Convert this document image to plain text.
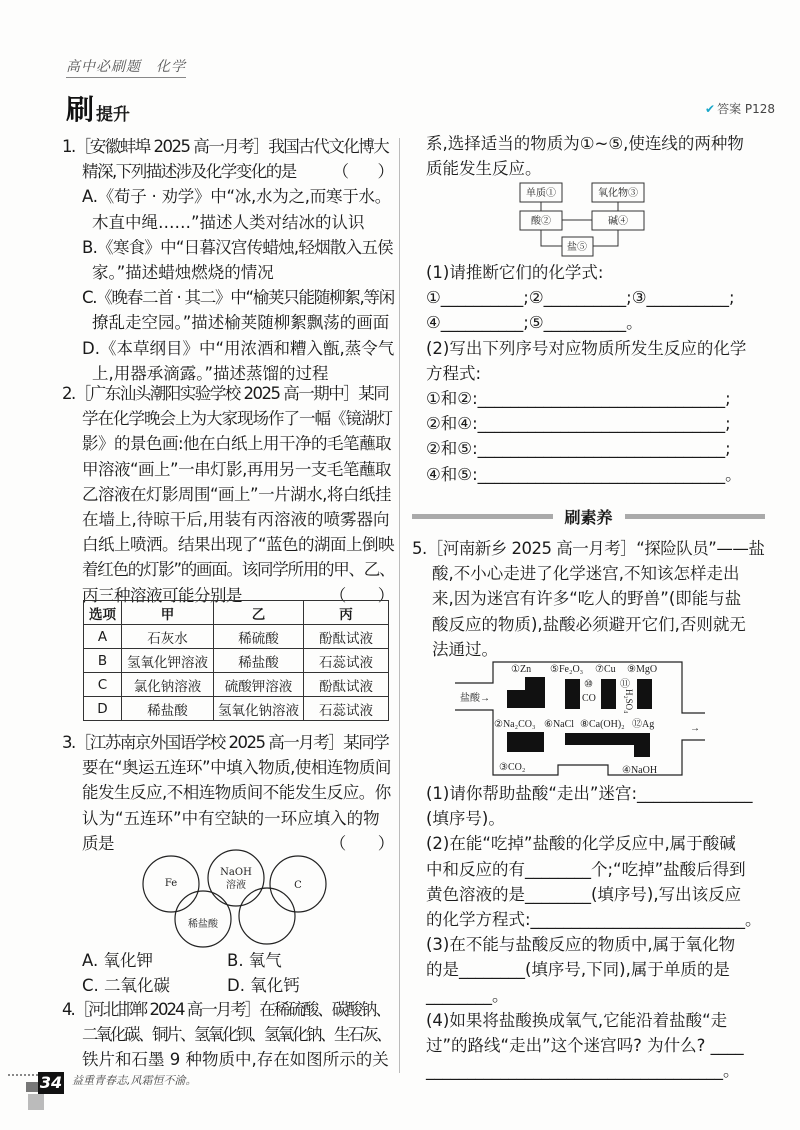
高中必刷题　化学
刷 提升	✔ 答案 P128
1.［安徽蚌埠 2025 高一月考］我国古代文化博大
精深,下列描述涉及化学变化的是　　　（　　）
A.《荀子 · 劝学》中“冰,水为之,而寒于水。
木直中绳……”描述人类对结冰的认识
B.《寒食》中“日暮汉宫传蜡烛,轻烟散入五侯
家。”描述蜡烛燃烧的情况
C.《晚春二首 · 其二》中“榆荚只能随柳絮,等闲
撩乱走空园。”描述榆荚随柳絮飘荡的画面
D.《本草纲目》中“用浓酒和糟入甑,蒸令气
上,用器承滴露。”描述蒸馏的过程
2.［广东汕头潮阳实验学校 2025 高一期中］某同
学在化学晚会上为大家现场作了一幅《镜湖灯
影》的景色画:他在白纸上用干净的毛笔蘸取
甲溶液“画上”一串灯影,再用另一支毛笔蘸取
乙溶液在灯影周围“画上”一片湖水,将白纸挂
在墙上,待晾干后,用装有丙溶液的喷雾器向
白纸上喷洒。结果出现了“蓝色的湖面上倒映
着红色的灯影”的画面。该同学所用的甲、乙、
丙三种溶液可能分别是　　　　　　（　　）
选项	甲	乙	丙
A	石灰水	稀硫酸	酚酞试液
B	氢氧化钾溶液	稀盐酸	石蕊试液
C	氯化钠溶液	硫酸钾溶液	酚酞试液
D	稀盐酸	氢氧化钠溶液	石蕊试液
3.［江苏南京外国语学校 2025 高一月考］某同学
要在“奥运五连环”中填入物质,使相连物质间
能发生反应,不相连物质间不能发生反应。你
认为“五连环”中有空缺的一环应填入的物
质是　　　　　　　　　　　　　　（　　）
Fe
NaOH
溶液	C
稀盐酸
A. 氧化钾	B. 氧气
C. 二氧化碳	D. 氧化钙
4.［河北邯郸 2024 高一月考］在稀硫酸、碳酸钠、
二氧化碳、铜片、氢氧化钡、氢氧化钠、生石灰、
铁片和石墨 9 种物质中,存在如图所示的关
系,选择适当的物质为①~⑤,使连线的两种物
质能发生反应。
单质①	氧化物③
酸②	碱④
盐⑤
(1)请推断它们的化学式:
①__________;②__________;③__________;
④__________;⑤__________。
(2)写出下列序号对应物质所发生反应的化学
方程式:
①和②:______________________________;
②和④:______________________________;
②和⑤:______________________________;
④和⑤:______________________________。
刷素养
5.［河南新乡 2025 高一月考］“探险队员”——盐
酸,不小心走进了化学迷宫,不知该怎样走出
来,因为迷宫有许多“吃人的野兽”(即能与盐
酸反应的物质),盐酸必须避开它们,否则就无
法通过。
盐酸→
①Zn ⑤Fe₂O₃ ⑦Cu ⑨MgO
⑩
CO
⑪
H₂SO₄
②Na₂CO₃ ⑥NaCl ⑧Ca(OH)₂ ⑫Ag
③CO₂	④NaOH
→
(1)请你帮助盐酸“走出”迷宫:______________
(填序号)。
(2)在能“吃掉”盐酸的化学反应中,属于酸碱
中和反应的有________个;“吃掉”盐酸后得到
黄色溶液的是________(填序号),写出该反应
的化学方程式:__________________________。
(3)在不能与盐酸反应的物质中,属于氧化物
的是________(填序号,下同),属于单质的是
________。
(4)如果将盐酸换成氧气,它能沿着盐酸“走
过”的路线“走出”这个迷宫吗? 为什么? ____
____________________________________。
34 益重青春志,风霜恒不渝。
